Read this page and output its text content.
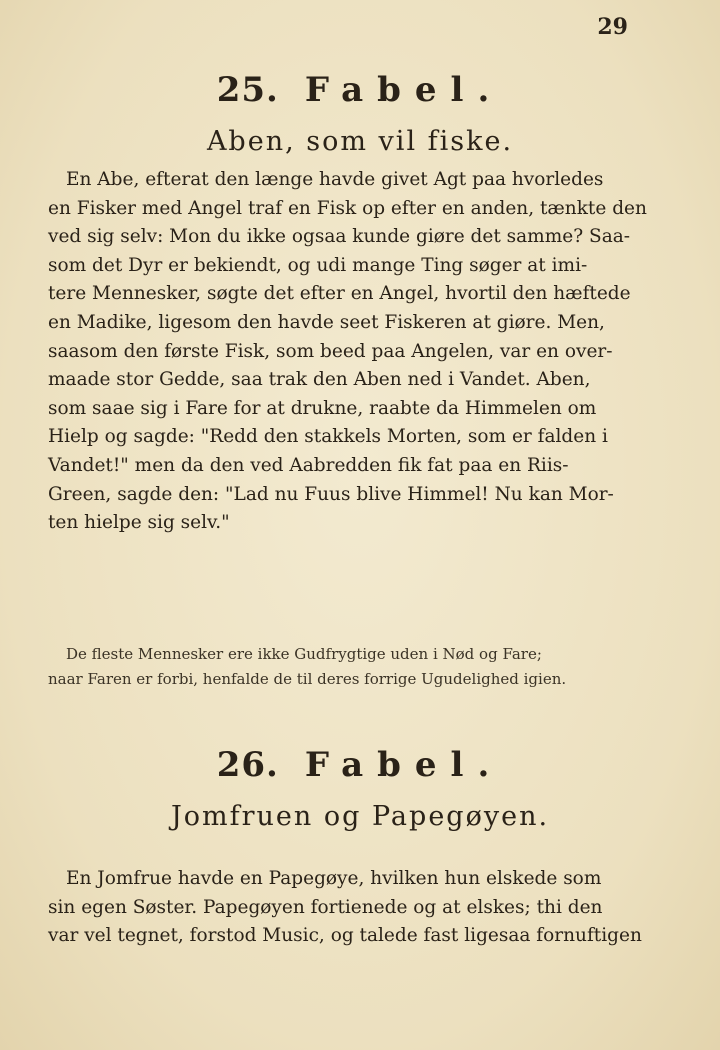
29
25. Fabel.
Aben, som vil fiske.
En Abe, efterat den længe havde givet Agt paa hvorledes
en Fisker med Angel traf en Fisk op efter en anden, tænkte den
ved sig selv: Mon du ikke ogsaa kunde giøre det samme? Saa-
som det Dyr er bekiendt, og udi mange Ting søger at imi-
tere Mennesker, søgte det efter en Angel, hvortil den hæftede
en Madike, ligesom den havde seet Fiskeren at giøre. Men,
saasom den første Fisk, som beed paa Angelen, var en over-
maade stor Gedde, saa trak den Aben ned i Vandet. Aben,
som saae sig i Fare for at drukne, raabte da Himmelen om
Hielp og sagde: "Redd den stakkels Morten, som er falden i
Vandet!" men da den ved Aabredden fik fat paa en Riis-
Green, sagde den: "Lad nu Fuus blive Himmel! Nu kan Mor-
ten hielpe sig selv."
De fleste Mennesker ere ikke Gudfrygtige uden i Nød og Fare;
naar Faren er forbi, henfalde de til deres forrige Ugudelighed igien.
26. Fabel.
Jomfruen og Papegøyen.
En Jomfrue havde en Papegøye, hvilken hun elskede som
sin egen Søster. Papegøyen fortienede og at elskes; thi den
var vel tegnet, forstod Music, og talede fast ligesaa fornuftigen
